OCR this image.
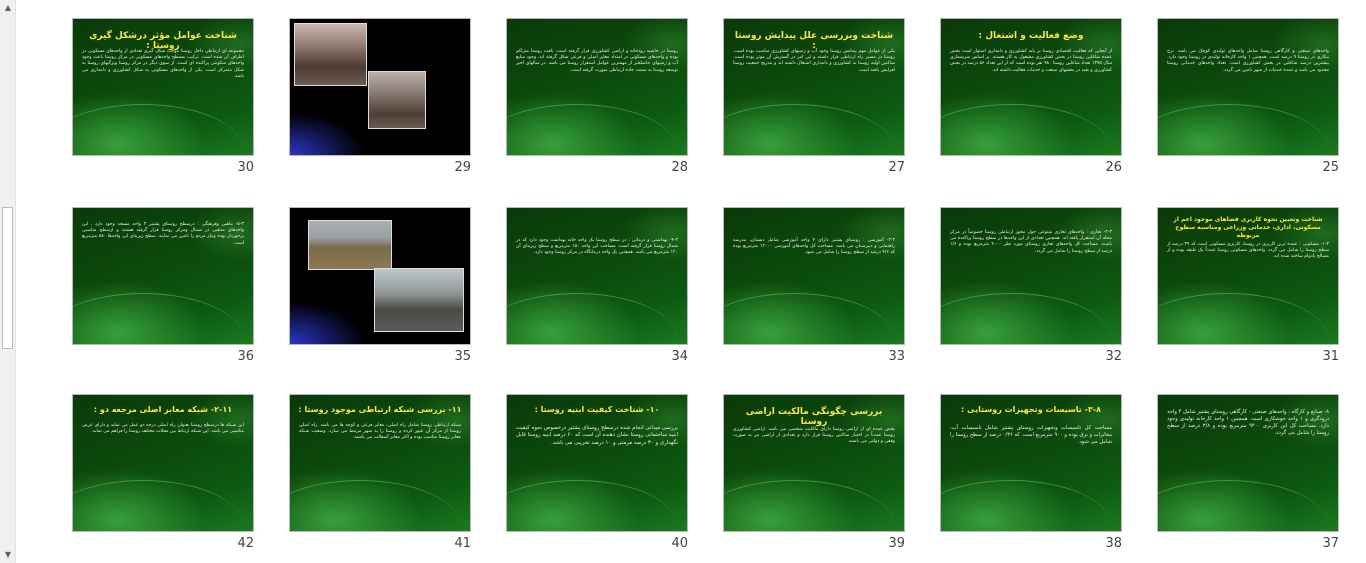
▲
▼
شناخت عوامل مؤثر درشکل گیری روستا :
مجموعه ای ارتباطی داخل روستا موجب شکل گیری تعدادی از واحدهای مسکونی در اطراف آن شده است. ترکیب مسطح واحدهای مسکونی در مرکز روستا باعث وجود واحدهای سکونتی پراکنده ای است. از سوی دیگر در مرکز روستا ویژگیهای روستا به شکل متمرکز است. یکی از واحدهای مسکونی به شکل کشاورزی و دامداری می باشد.
30	29
روستا در حاشیه رودخانه و اراضی کشاورزی قرار گرفته است. بافت روستا متراکم بوده و واحدهای مسکونی در امتداد معابر اصلی و فرعی شکل گرفته اند. وجود منابع آب و زمینهای حاصلخیز از مهمترین عوامل استقرار روستا می باشد. در سالهای اخیر توسعه روستا به سمت جاده ارتباطی صورت گرفته است.
28
شناخت وبررسی علل پیدایش روستا :
یکی از عوامل مهم پیدایش روستا وجود آب و زمینهای کشاورزی مناسب بوده است. روستا در مسیر راه ارتباطی قرار داشته و این امر در گسترش آن موثر بوده است. ساکنین اولیه روستا به کشاورزی و دامداری اشتغال داشته اند و بتدریج جمعیت روستا افزایش یافته است.
27
وضع فعالیت و اشتغال :
از آنجایی که فعالیت اقتصادی روستا بر پایه کشاورزی و دامداری استوار است بخش عمده شاغلین روستا در بخش کشاورزی مشغول به کار هستند. بر اساس سرشماری سال ۱۳۷۵ تعداد شاغلین روستا ۹۸۰ نفر بوده است که از این تعداد ۵۶ درصد در بخش کشاورزی و بقیه در بخشهای صنعت و خدمات فعالیت داشته اند.
26
واحدهای صنعتی و کارگاهی روستا شامل واحدهای تولیدی کوچک می باشد. نرخ بیکاری در روستا ۹ درصد است. همچنین ۱ واحد کارخانه تولیدی در روستا وجود دارد. بیشترین درصد شاغلین در بخش کشاورزی است. تعداد واحدهای خدماتی روستا محدود می باشد و عمده خدمات از شهر تامین می گردد.
25
۵-۳- ماهیی وفرهنگی : درسطح روستای پشتیر ۳ واحد مسجد وجود دارد . این واحدهای مذهبی در شمال ومرکز روستا قرار گرفته هستند و ازسطح مناسبی برخوردار بوده ونیاز مردم را تامین می نمایند. سطح زیربنای این واحدها ۸۸۰ مترمربع است.
36	35
۴-۳- بهداشتی و درمانی : در سطح روستا یک واحد خانه بهداشت وجود دارد که در شمال روستا قرار گرفته است. مساحت این واحد ۱۵۰ مترمربع و سطح زیربنای آن ۱۲۰ مترمربع می باشد. همچنین یک واحد درمانگاه در مرکز روستا وجود دارد.
34
۳-۳- آموزشی : روستای پشتیر دارای ۴ واحد آموزشی شامل دبستان، مدرسه راهنمایی و دبیرستان می باشد. مساحت کل واحدهای آموزشی ۱۲۰۰۰ مترمربع بوده که ۴/۶ درصد از سطح روستا را شامل می شود.
33
۲-۳- تجاری : واحدهای تجاری متنوعی حول محور ارتباطی روستا خصوصاً در مرکز محله آن استقرار یافته اند. همچنین تعدادی از این واحدها در سطح روستا پراکنده می باشند. مساحت کل واحدهای تجاری روستای مورد نظر ۴۰۰۰ مترمربع بوده و ۱/۶ درصد از سطح روستا را شامل می گردد.
32
شناخت وتعیین نحوه کاربری فضاهای موجود اعم از مسکونی، اداری، خدماتی وزراعی ومناسبه سطوح مربوطه
۱-۳- مسکونی : عمده ترین کاربری در روستا، کاربری مسکونی است که ۳۹ درصد از سطح روستا را شامل می گردد. واحدهای مسکونی روستا عمدتاً یک طبقه بوده و از مصالح بادوام ساخته شده اند.
31
۲-۱۱- شبکه معابر اصلی مرجعه دو :
این شبکه ها درسطح روستا بعنوان راه اصلی درجه دو عمل می نماید و دارای عرض مناسبی می باشد. این شبکه ارتباط بین محلات مختلف روستا را فراهم می نماید.
42
۱۱- بررسی شبکه ارتباطی موجود روستا :
شبکه ارتباطی روستا شامل راه اصلی، معابر فرعی و کوچه ها می باشد. راه اصلی روستا از مرکز آن عبور کرده و روستا را به شهر مرتبط می سازد. وضعیت شبکه معابر روستا مناسب بوده و اکثر معابر آسفالت می باشند.
41
۱۰- شناخت کیفیت ابنیه روستا :
بررسی میدانی انجام شده درسطح روستای پشتیر درخصوص نحوه کیفیت ابنیه ساختمانی روستا نشان دهنده آن است که ۶۰ درصد ابنیه روستا قابل نگهداری و ۳۰ درصد مرمتی و ۱۰ درصد تخریبی می باشد.
40
بررسی چگونگی مالکیت اراضی روستا
بخش عمده ای از اراضی روستا دارای مالکیت شخصی می باشد. اراضی کشاورزی روستا عمدتاً در اختیار ساکنین روستا قرار دارد و تعدادی از اراضی نیز به صورت وقفی و دولتی می باشند.
39
۳-۸- تاسیسات وتجهیزات روستایی :
مساحت کل تاسیسات وتجهیزات روستای پشتیر شامل تاسیسات آب، مخابرات و برق بوده و ۹۰۰ مترمربع است. که ۰/۳۶ درصد از سطح روستا را شامل می شود.
38
۸- صنایع و کارگاه : واحدهای صنعتی - کارگاهی روستای پشتیر شامل ۴ واحد درودگری و ۱ واحد جوشکاری است. همچنین ۱ واحد کارخانه تولیدی وجود دارد. مساحت کل این کاربری ۹۴۰۰ مترمربع بوده و ۳/۸ درصد از سطح روستا را شامل می گردد.
37
